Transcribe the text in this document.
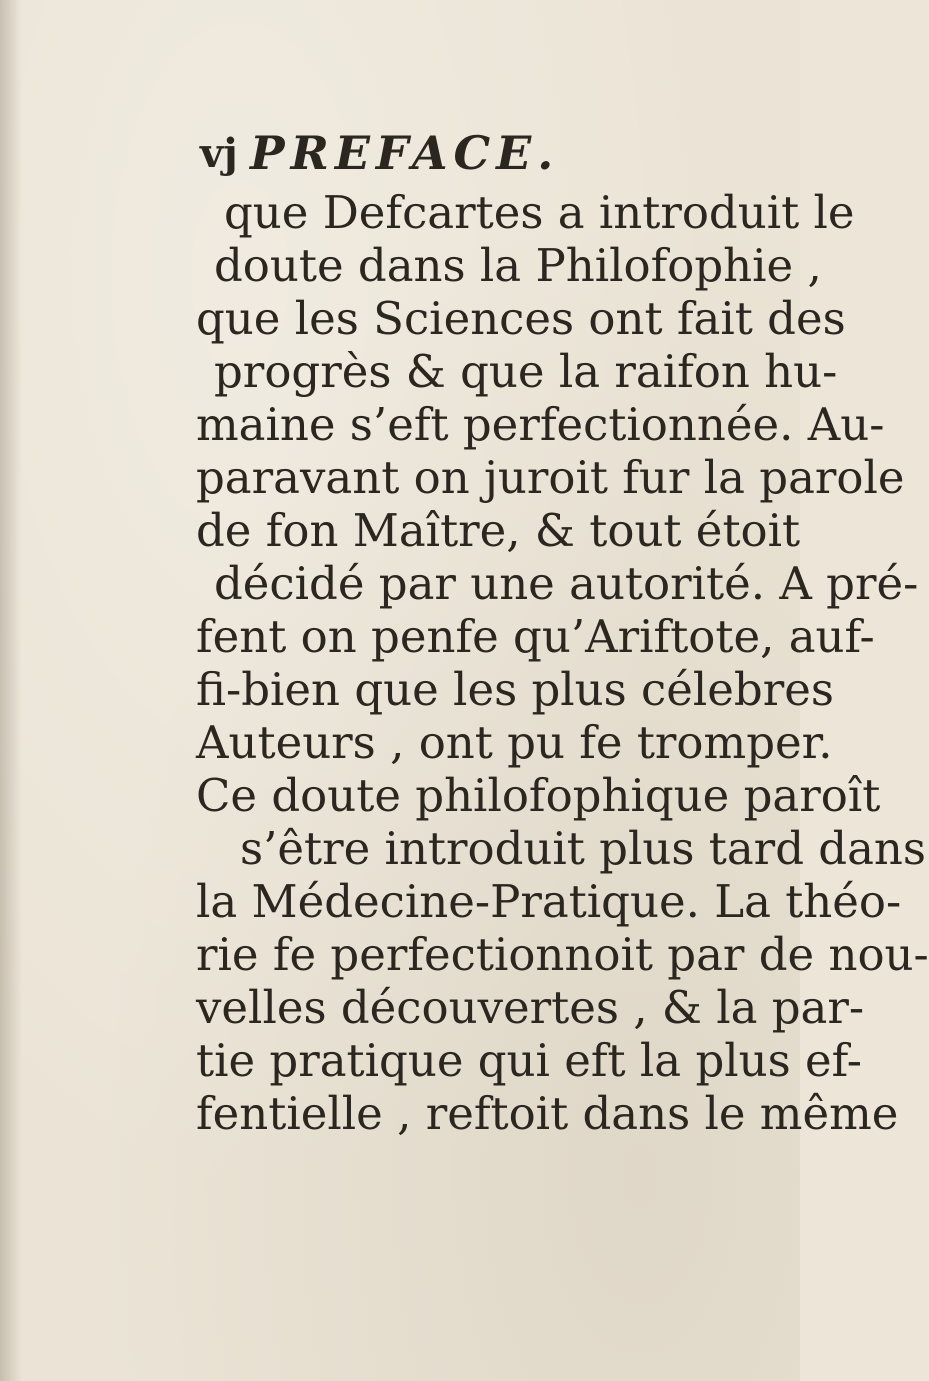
vj PREFACE.
que Defcartes a introduit le
doute dans la Philofophie ,
que les Sciences ont fait des
progrès & que la raifon hu-
maine s’eft perfectionnée. Au-
paravant on juroit fur la parole
de fon Maître, & tout étoit
décidé par une autorité. A pré-
fent on penfe qu’Ariftote, auf-
fi-bien que les plus célebres
Auteurs , ont pu fe tromper.
Ce doute philofophique paroît
s’être introduit plus tard dans
la Médecine-Pratique. La théo-
rie fe perfectionnoit par de nou-
velles découvertes , & la par-
tie pratique qui eft la plus ef-
fentielle , reftoit dans le même
